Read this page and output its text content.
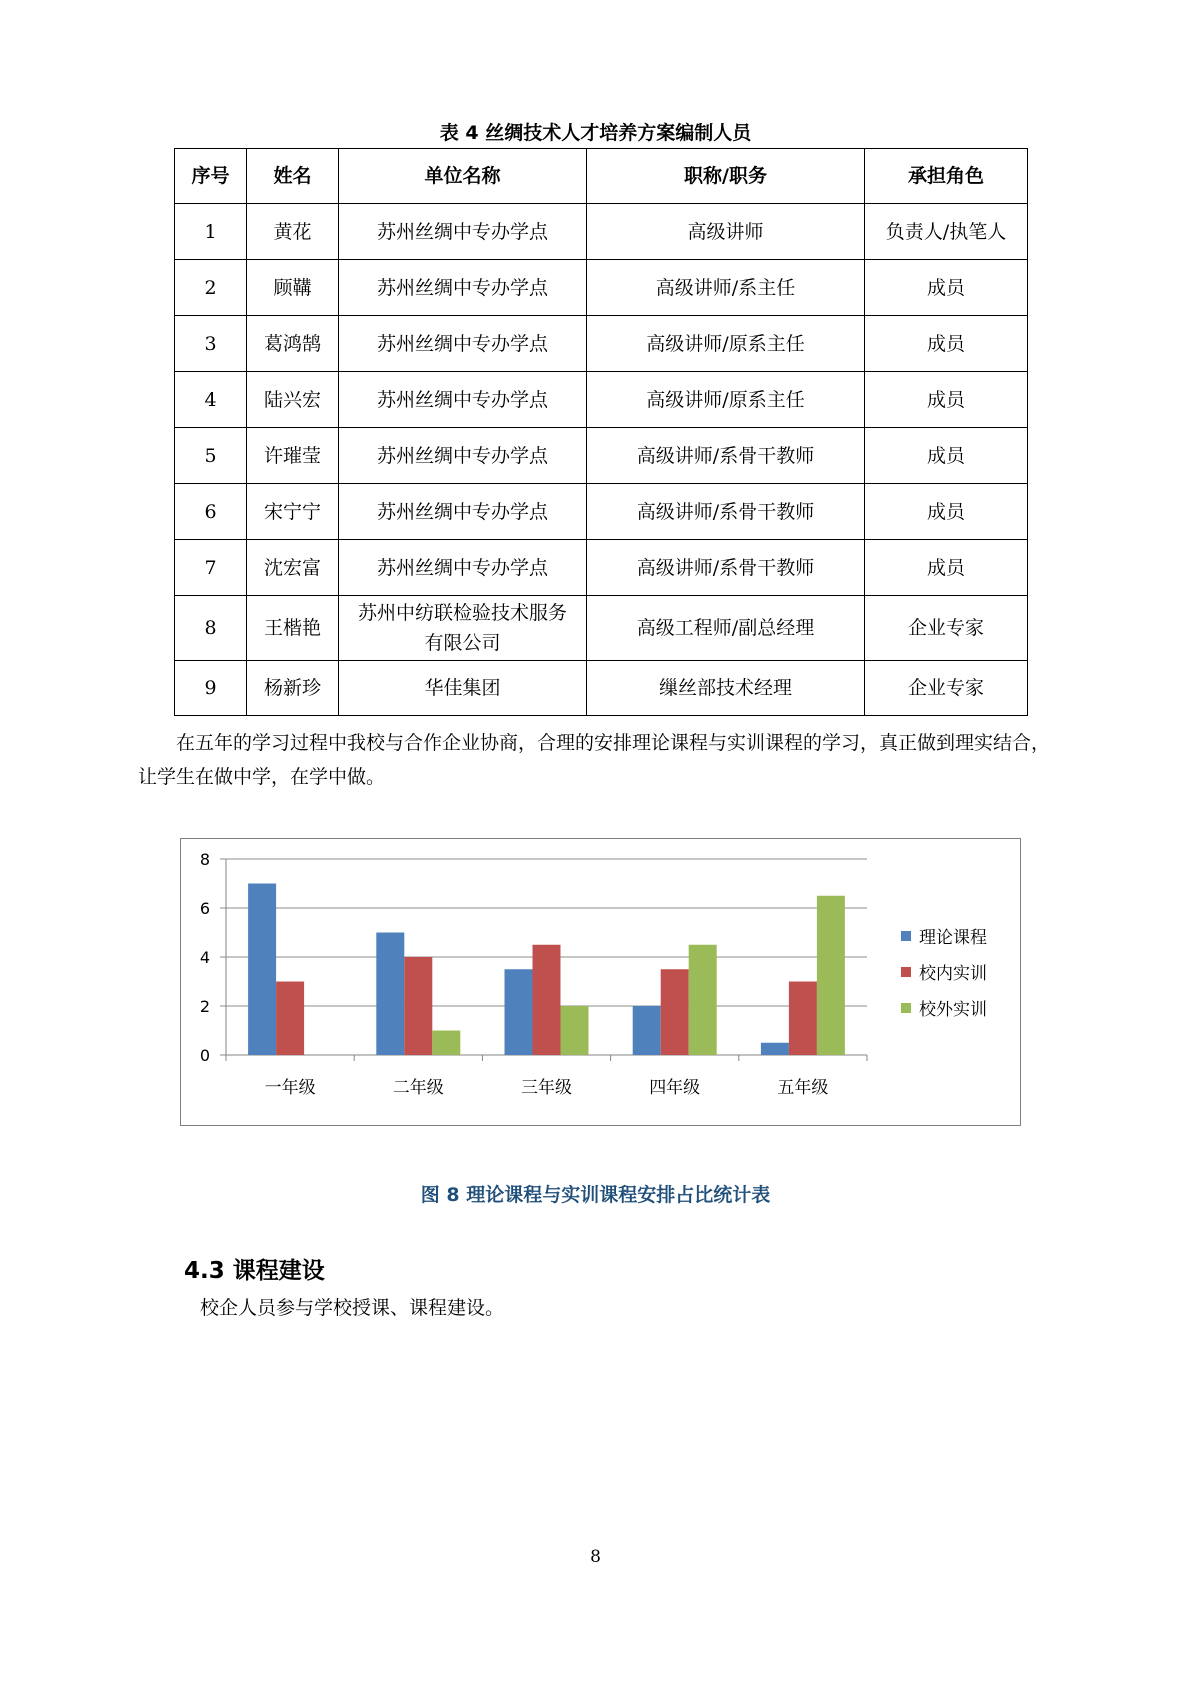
表 4 丝绸技术人才培养方案编制人员
序号	姓名	单位名称	职称/职务	承担角色
1	黄花	苏州丝绸中专办学点	高级讲师	负责人/执笔人
2	顾鞲	苏州丝绸中专办学点	高级讲师/系主任	成员
3	葛鸿鹄	苏州丝绸中专办学点	高级讲师/原系主任	成员
4	陆兴宏	苏州丝绸中专办学点	高级讲师/原系主任	成员
5	许璀莹	苏州丝绸中专办学点	高级讲师/系骨干教师	成员
6	宋宁宁	苏州丝绸中专办学点	高级讲师/系骨干教师	成员
7	沈宏富	苏州丝绸中专办学点	高级讲师/系骨干教师	成员
8	王楷艳	苏州中纺联检验技术服务有限公司	高级工程师/副总经理	企业专家
9	杨新珍	华佳集团	缫丝部技术经理	企业专家
在五年的学习过程中我校与合作企业协商，合理的安排理论课程与实训课程的学习，真正做到理实结合，让学生在做中学，在学中做。
0
2
4
6
8
一年级	二年级	三年级	四年级	五年级
理论课程
校内实训
校外实训
图 8 理论课程与实训课程安排占比统计表
4.3 课程建设
校企人员参与学校授课、课程建设。
8
